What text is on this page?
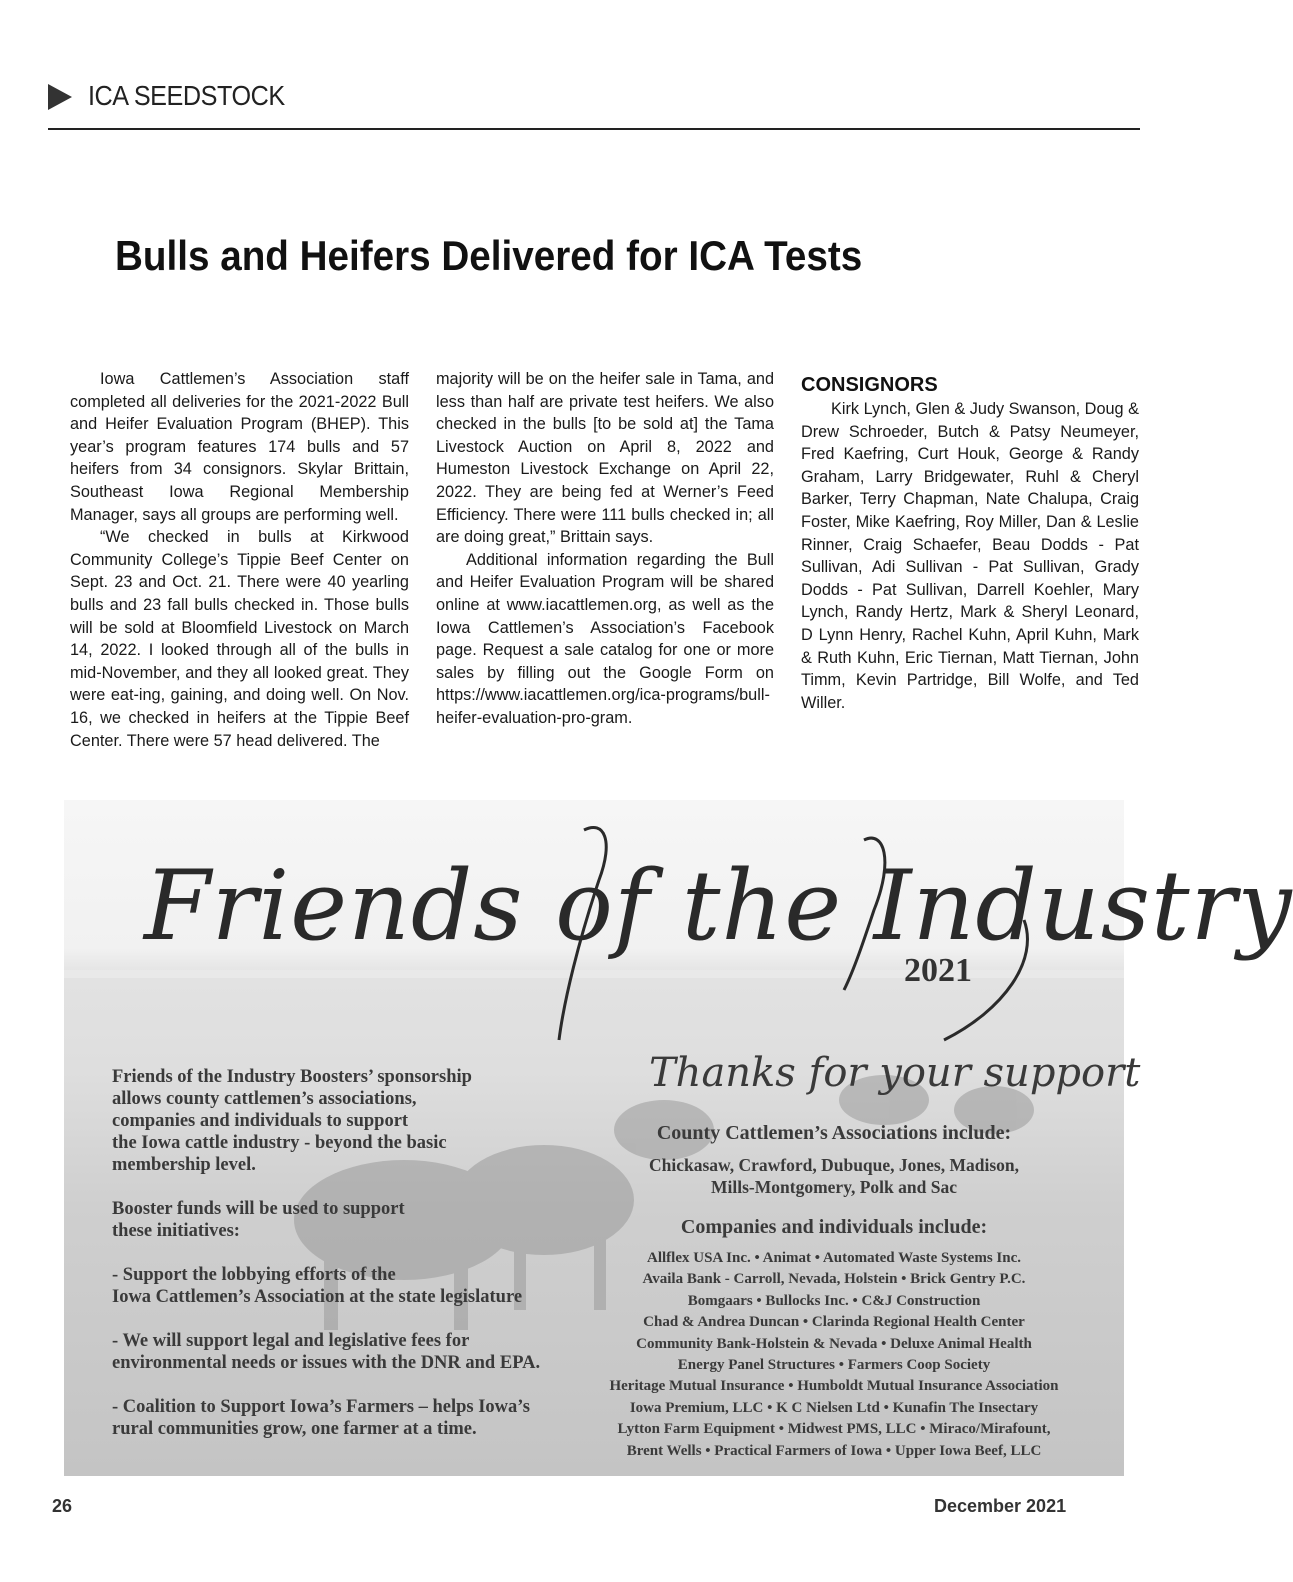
ICA SEEDSTOCK
Bulls and Heifers Delivered for ICA Tests

Iowa Cattlemen’s Association staff completed all deliveries for the 2021-2022 Bull and Heifer Evaluation Program (BHEP). This year’s program features 174 bulls and 57 heifers from 34 consignors. Skylar Brittain, Southeast Iowa Regional Membership Manager, says all groups are performing well.

“We checked in bulls at Kirkwood Community College’s Tippie Beef Center on Sept. 23 and Oct. 21. There were 40 yearling bulls and 23 fall bulls checked in. Those bulls will be sold at Bloomfield Livestock on March 14, 2022. I looked through all of the bulls in mid-November, and they all looked great. They were eat-ing, gaining, and doing well. On Nov. 16, we checked in heifers at the Tippie Beef Center. There were 57 head delivered. The

majority will be on the heifer sale in Tama, and less than half are private test heifers. We also checked in the bulls [to be sold at] the Tama Livestock Auction on April 8, 2022 and Humeston Livestock Exchange on April 22, 2022. They are being fed at Werner’s Feed Efficiency. There were 111 bulls checked in; all are doing great,” Brittain says.

Additional information regarding the Bull and Heifer Evaluation Program will be shared online at www.iacattlemen.org, as well as the Iowa Cattlemen’s Association’s Facebook page. Request a sale catalog for one or more sales by filling out the Google Form on https://www.iacattlemen.org/ica-programs/bull-heifer-evaluation-pro-gram.

CONSIGNORS

Kirk Lynch, Glen & Judy Swanson, Doug & Drew Schroeder, Butch & Patsy Neumeyer, Fred Kaefring, Curt Houk, George & Randy Graham, Larry Bridgewater, Ruhl & Cheryl Barker, Terry Chapman, Nate Chalupa, Craig Foster, Mike Kaefring, Roy Miller, Dan & Leslie Rinner, Craig Schaefer, Beau Dodds - Pat Sullivan, Adi Sullivan - Pat Sullivan, Grady Dodds - Pat Sullivan, Darrell Koehler, Mary Lynch, Randy Hertz, Mark & Sheryl Leonard, D Lynn Henry, Rachel Kuhn, April Kuhn, Mark & Ruth Kuhn, Eric Tiernan, Matt Tiernan, John Timm, Kevin Partridge, Bill Wolfe, and Ted Willer.

Friends of the Industry
2021
Thanks for your support

Friends of the Industry Boosters’ sponsorship
allows county cattlemen’s associations,
companies and individuals to support
the Iowa cattle industry - beyond the basic
membership level.

Booster funds will be used to support
these initiatives:

- Support the lobbying efforts of the
Iowa Cattlemen’s Association at the state legislature

- We will support legal and legislative fees for
environmental needs or issues with the DNR and EPA.

- Coalition to Support Iowa’s Farmers – helps Iowa’s
rural communities grow, one farmer at a time.

County Cattlemen’s Associations include:

Chickasaw, Crawford, Dubuque, Jones, Madison,
Mills-Montgomery, Polk and Sac

Companies and individuals include:

Allflex USA Inc. • Animat • Automated Waste Systems Inc.
Availa Bank - Carroll, Nevada, Holstein • Brick Gentry P.C.
Bomgaars • Bullocks Inc. • C&J Construction
Chad & Andrea Duncan • Clarinda Regional Health Center
Community Bank-Holstein & Nevada • Deluxe Animal Health
Energy Panel Structures • Farmers Coop Society
Heritage Mutual Insurance • Humboldt Mutual Insurance Association
Iowa Premium, LLC • K C Nielsen Ltd • Kunafin The Insectary
Lytton Farm Equipment • Midwest PMS, LLC • Miraco/Mirafount,
Brent Wells • Practical Farmers of Iowa • Upper Iowa Beef, LLC
26	December 2021
